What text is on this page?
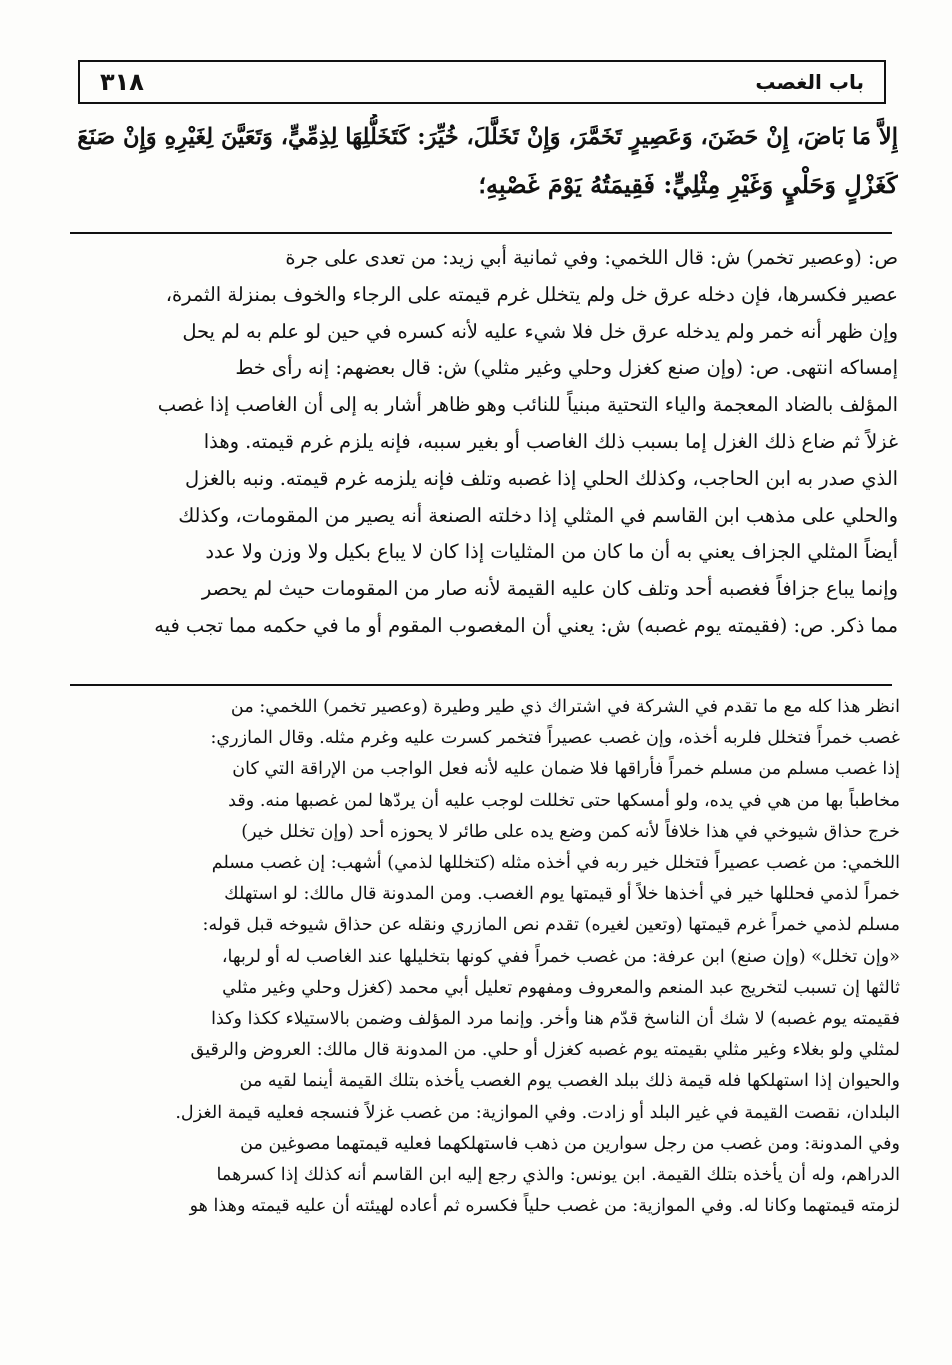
٣١٨	باب الغصب
إِلاَّ مَا بَاضَ، إِنْ حَضَنَ، وَعَصِيرٍ تَخَمَّرَ، وَإِنْ تَخَلَّلَ، خُيِّرَ: كَتَخَلُّلِهَا لِذِمِّيٍّ، وَتَعَيَّنَ لِغَيْرِهِ وَإِنْ صَنَعَ
كَغَزْلٍ وَحَلْيٍ وَغَيْرِ مِثْلِيٍّ: فَقِيمَتُهُ يَوْمَ غَصْبِهِ؛
ص: (وعصير تخمر) ش: قال اللخمي: وفي ثمانية أبي زيد: من تعدى على جرة
عصير فكسرها، فإن دخله عرق خل ولم يتخلل غرم قيمته على الرجاء والخوف بمنزلة الثمرة،
وإن ظهر أنه خمر ولم يدخله عرق خل فلا شيء عليه لأنه كسره في حين لو علم به لم يحل
إمساكه انتهى. ص: (وإن صنع كغزل وحلي وغير مثلي) ش: قال بعضهم: إنه رأى خط
المؤلف بالضاد المعجمة والياء التحتية مبنياً للنائب وهو ظاهر أشار به إلى أن الغاصب إذا غصب
غزلاً ثم ضاع ذلك الغزل إما بسبب ذلك الغاصب أو بغير سببه، فإنه يلزم غرم قيمته. وهذا
الذي صدر به ابن الحاجب، وكذلك الحلي إذا غصبه وتلف فإنه يلزمه غرم قيمته. ونبه بالغزل
والحلي على مذهب ابن القاسم في المثلي إذا دخلته الصنعة أنه يصير من المقومات، وكذلك
أيضاً المثلي الجزاف يعني به أن ما كان من المثليات إذا كان لا يباع بكيل ولا وزن ولا عدد
وإنما يباع جزافاً فغصبه أحد وتلف كان عليه القيمة لأنه صار من المقومات حيث لم يحصر
مما ذكر. ص: (فقيمته يوم غصبه) ش: يعني أن المغصوب المقوم أو ما في حكمه مما تجب فيه
انظر هذا كله مع ما تقدم في الشركة في اشتراك ذي طير وطيرة (وعصير تخمر) اللخمي: من
غصب خمراً فتخلل فلربه أخذه، وإن غصب عصيراً فتخمر كسرت عليه وغرم مثله. وقال المازري:
إذا غصب مسلم من مسلم خمراً فأراقها فلا ضمان عليه لأنه فعل الواجب من الإراقة التي كان
مخاطباً بها من هي في يده، ولو أمسكها حتى تخللت لوجب عليه أن يردّها لمن غصبها منه. وقد
خرج حذاق شيوخي في هذا خلافاً لأنه كمن وضع يده على طائر لا يحوزه أحد (وإن تخلل خير)
اللخمي: من غصب عصيراً فتخلل خير ربه في أخذه مثله (كتخللها لذمي) أشهب: إن غصب مسلم
خمراً لذمي فحللها خير في أخذها خلاً أو قيمتها يوم الغصب. ومن المدونة قال مالك: لو استهلك
مسلم لذمي خمراً غرم قيمتها (وتعين لغيره) تقدم نص المازري ونقله عن حذاق شيوخه قبل قوله:
«وإن تخلل» (وإن صنع) ابن عرفة: من غصب خمراً ففي كونها بتخليلها عند الغاصب له أو لربها،
ثالثها إن تسبب لتخريج عبد المنعم والمعروف ومفهوم تعليل أبي محمد (كغزل وحلي وغير مثلي
فقيمته يوم غصبه) لا شك أن الناسخ قدّم هنا وأخر. وإنما مرد المؤلف وضمن بالاستيلاء ككذا وكذا
لمثلي ولو بغلاء وغير مثلي بقيمته يوم غصبه كغزل أو حلي. من المدونة قال مالك: العروض والرقيق
والحيوان إذا استهلكها فله قيمة ذلك ببلد الغصب يوم الغصب يأخذه بتلك القيمة أينما لقيه من
البلدان، نقصت القيمة في غير البلد أو زادت. وفي الموازية: من غصب غزلاً فنسجه فعليه قيمة الغزل.
وفي المدونة: ومن غصب من رجل سوارين من ذهب فاستهلكهما فعليه قيمتهما مصوغين من
الدراهم، وله أن يأخذه بتلك القيمة. ابن يونس: والذي رجع إليه ابن القاسم أنه كذلك إذا كسرهما
لزمته قيمتهما وكانا له. وفي الموازية: من غصب حلياً فكسره ثم أعاده لهيئته أن عليه قيمته وهذا هو
